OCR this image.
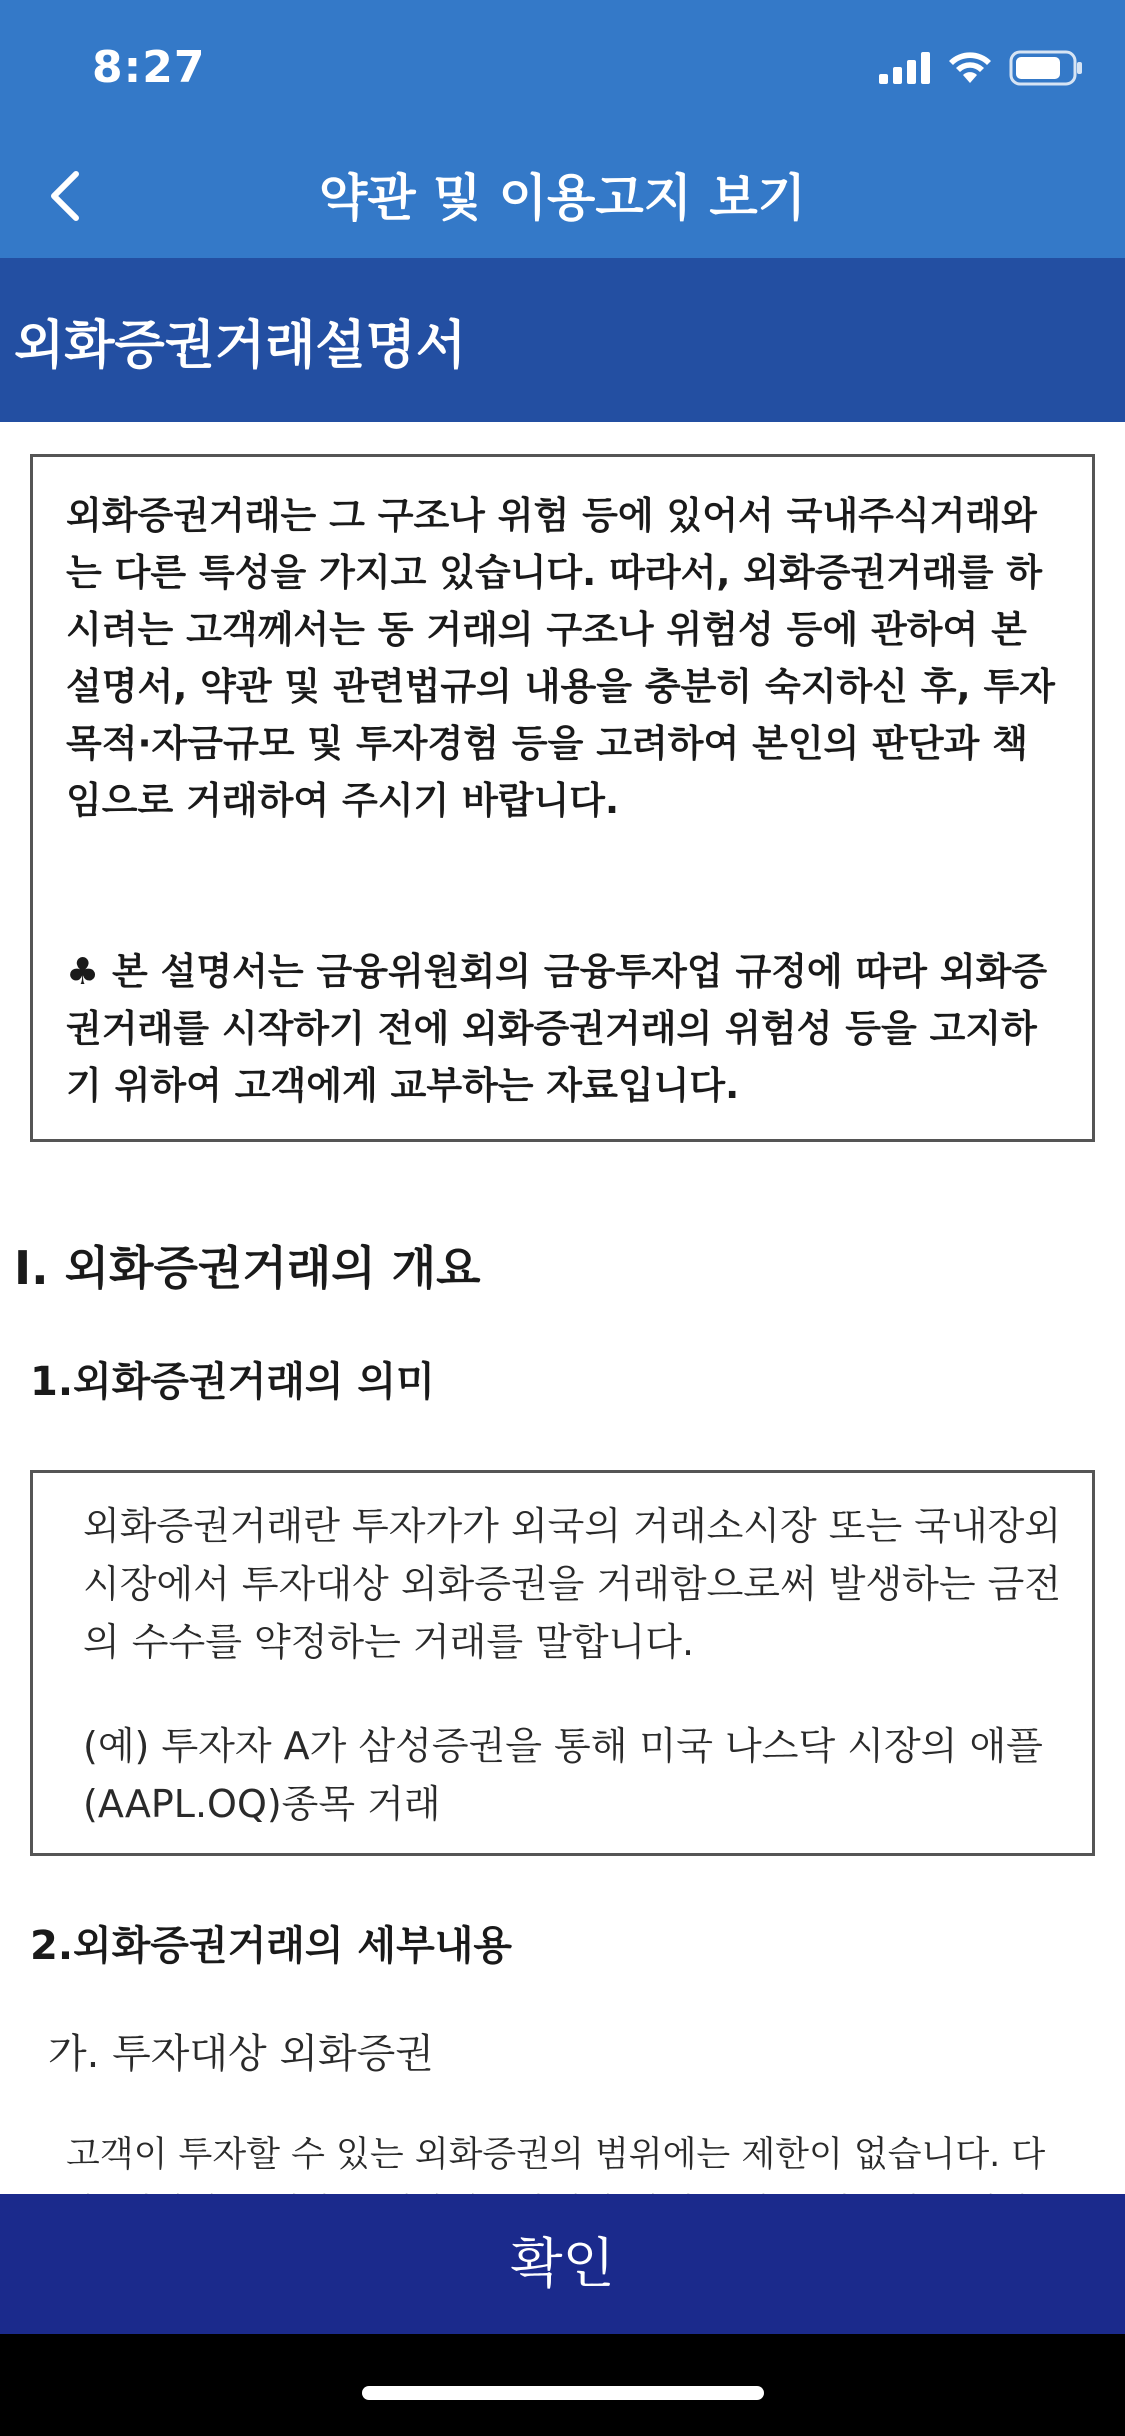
8:27
약관 및 이용고지 보기
외화증권거래설명서

외화증권거래는 그 구조나 위험 등에 있어서 국내주식거래와는 다른 특성을 가지고 있습니다. 따라서, 외화증권거래를 하시려는 고객께서는 동 거래의 구조나 위험성 등에 관하여 본 설명서, 약관 및 관련법규의 내용을 충분히 숙지하신 후, 투자목적·자금규모 및 투자경험 등을 고려하여 본인의 판단과 책임으로 거래하여 주시기 바랍니다.

♣ 본 설명서는 금융위원회의 금융투자업 규정에 따라 외화증권거래를 시작하기 전에 외화증권거래의 위험성 등을 고지하기 위하여 고객에게 교부하는 자료입니다.

I. 외화증권거래의 개요
1.외화증권거래의 의미

외화증권거래란 투자가가 외국의 거래소시장 또는 국내장외시장에서 투자대상 외화증권을 거래함으로써 발생하는 금전의 수수를 약정하는 거래를 말합니다.

(예) 투자자 A가 삼성증권을 통해 미국 나스닥 시장의 애플(AAPL.OQ)종목 거래

2.외화증권거래의 세부내용
가. 투자대상 외화증권
고객이 투자할 수 있는 외화증권의 범위에는 제한이 없습니다. 다
확인
